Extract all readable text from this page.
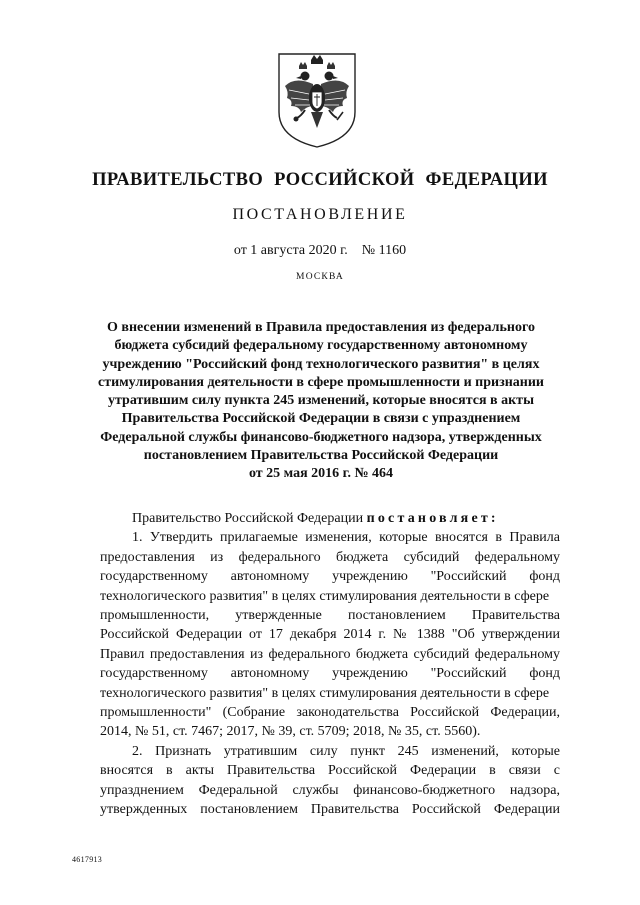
ПРАВИТЕЛЬСТВО РОССИЙСКОЙ ФЕДЕРАЦИИ
ПОСТАНОВЛЕНИЕ
от 1 августа 2020 г. № 1160
МОСКВА
О внесении изменений в Правила предоставления из федерального
бюджета субсидий федеральному государственному автономному
учреждению "Российский фонд технологического развития" в целях
стимулирования деятельности в сфере промышленности и признании
утратившим силу пункта 245 изменений, которые вносятся в акты
Правительства Российской Федерации в связи с упразднением
Федеральной службы финансово-бюджетного надзора, утвержденных
постановлением Правительства Российской Федерации
от 25 мая 2016 г. № 464
Правительство Российской Федерации постановляет:
1. Утвердить прилагаемые изменения, которые вносятся в Правила
предоставления из федерального бюджета субсидий федеральному
государственному автономному учреждению "Российский фонд
технологического развития" в целях стимулирования деятельности в сфере
промышленности, утвержденные постановлением Правительства
Российской Федерации от 17 декабря 2014 г. № 1388 "Об утверждении
Правил предоставления из федерального бюджета субсидий федеральному
государственному автономному учреждению "Российский фонд
технологического развития" в целях стимулирования деятельности в сфере
промышленности" (Собрание законодательства Российской Федерации,
2014, № 51, ст. 7467; 2017, № 39, ст. 5709; 2018, № 35, ст. 5560).
2. Признать утратившим силу пункт 245 изменений, которые
вносятся в акты Правительства Российской Федерации в связи с
упразднением Федеральной службы финансово-бюджетного надзора,
утвержденных постановлением Правительства Российской Федерации
4617913
